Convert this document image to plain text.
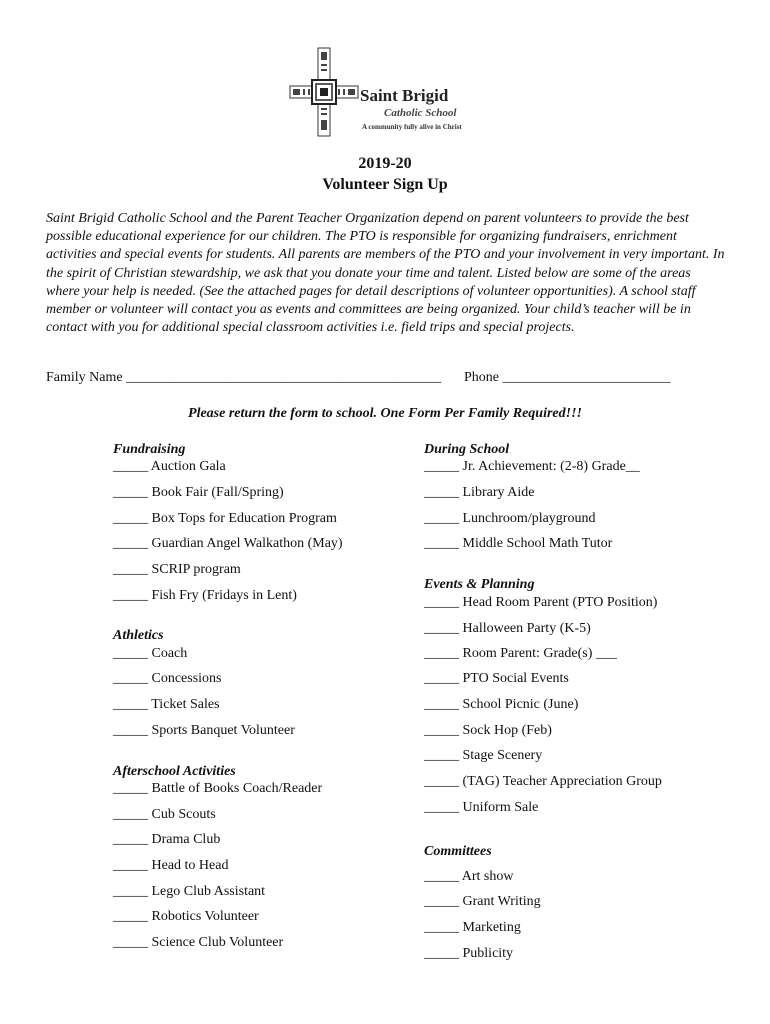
Saint Brigid
Catholic School
A community fully alive in Christ
2019-20
Volunteer Sign Up
Saint Brigid Catholic School and the Parent Teacher Organization depend on parent volunteers to provide the best possible educational experience for our children. The PTO is responsible for organizing fundraisers, enrichment activities and special events for students. All parents are members of the PTO and your involvement in very important. In the spirit of Christian stewardship, we ask that you donate your time and talent. Listed below are some of the areas where your help is needed. (See the attached pages for detail descriptions of volunteer opportunities). A school staff member or volunteer will contact you as events and committees are being organized. Your child’s teacher will be in contact with you for additional special classroom activities i.e. field trips and special projects.
Family Name _____________________________________________ Phone ________________________
Please return the form to school. One Form Per Family Required!!!
Fundraising
_____ Auction Gala
_____ Book Fair (Fall/Spring)
_____ Box Tops for Education Program
_____ Guardian Angel Walkathon (May)
_____ SCRIP program
_____ Fish Fry (Fridays in Lent)
Athletics
_____ Coach
_____ Concessions
_____ Ticket Sales
_____ Sports Banquet Volunteer
Afterschool Activities
_____ Battle of Books Coach/Reader
_____ Cub Scouts
_____ Drama Club
_____ Head to Head
_____ Lego Club Assistant
_____ Robotics Volunteer
_____ Science Club Volunteer
During School
_____ Jr. Achievement: (2-8) Grade__
_____ Library Aide
_____ Lunchroom/playground
_____ Middle School Math Tutor
Events & Planning
_____ Head Room Parent (PTO Position)
_____ Halloween Party (K-5)
_____ Room Parent: Grade(s) ___
_____ PTO Social Events
_____ School Picnic (June)
_____ Sock Hop (Feb)
_____ Stage Scenery
_____ (TAG) Teacher Appreciation Group
_____ Uniform Sale
Committees
_____ Art show
_____ Grant Writing
_____ Marketing
_____ Publicity
